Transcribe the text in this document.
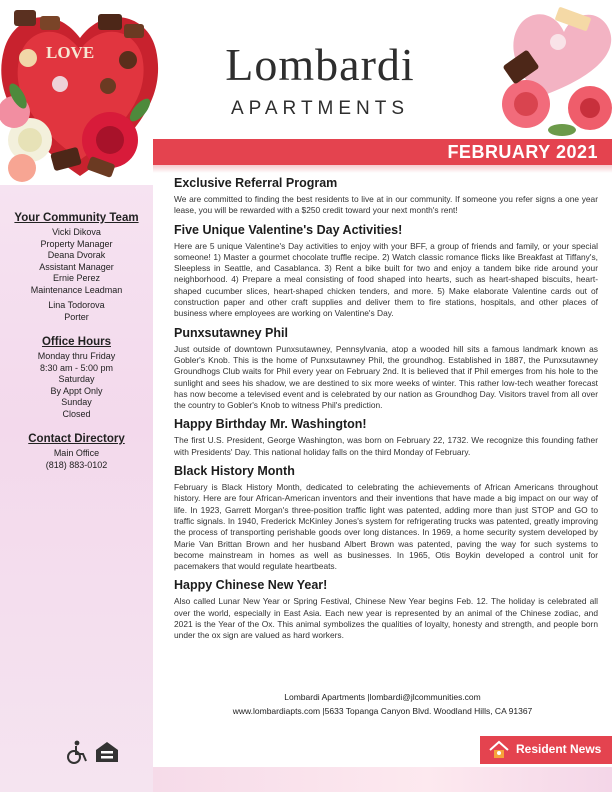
LOVE	Lombardi
APARTMENTS
FEBRUARY 2021
Your Community Team
Vicki Dikova
Property Manager
Deana Dvorak
Assistant Manager
Ernie Perez
Maintenance Leadman
Lina Todorova
Porter
Office Hours
Monday thru Friday
8:30 am - 5:00 pm
Saturday
By Appt Only
Sunday
Closed
Contact Directory
Main Office
(818) 883-0102
Exclusive Referral Program

We are committed to finding the best residents to live at in our community. If someone you refer signs a one year lease, you will be rewarded with a $250 credit toward your next month's rent!

Five Unique Valentine's Day Activities!

Here are 5 unique Valentine's Day activities to enjoy with your BFF, a group of friends and family, or your special someone! 1) Master a gourmet chocolate truffle recipe. 2) Watch classic romance flicks like Breakfast at Tiffany's, Sleepless in Seattle, and Casablanca. 3) Rent a bike built for two and enjoy a tandem bike ride around your neighborhood. 4) Prepare a meal consisting of food shaped into hearts, such as heart-shaped biscuits, heart-shaped cucumber slices, heart-shaped chicken tenders, and more. 5) Make elaborate Valentine cards out of construction paper and other craft supplies and deliver them to fire stations, hospitals, and other places of business where employees are working on Valentine's Day.

Punxsutawney Phil

Just outside of downtown Punxsutawney, Pennsylvania, atop a wooded hill sits a famous landmark known as Gobler's Knob. This is the home of Punxsutawney Phil, the groundhog. Established in 1887, the Punxsutawney Groundhogs Club waits for Phil every year on February 2nd. It is believed that if Phil emerges from his hole to the sunlight and sees his shadow, we are destined to six more weeks of winter. This rather low-tech weather forecast has now become a televised event and is celebrated by our nation as Groundhog Day. Visitors travel from all over the country to Gobler's Knob to witness Phil's prediction.

Happy Birthday Mr. Washington!

The first U.S. President, George Washington, was born on February 22, 1732. We recognize this founding father with Presidents' Day. This national holiday falls on the third Monday of February.

Black History Month

February is Black History Month, dedicated to celebrating the achievements of African Americans throughout history. Here are four African-American inventors and their inventions that have made a big impact on our way of life. In 1923, Garrett Morgan's three-position traffic light was patented, adding more than just STOP and GO to traffic signals. In 1940, Frederick McKinley Jones's system for refrigerating trucks was patented, greatly improving the process of transporting perishable goods over long distances. In 1969, a home security system developed by Marie Van Brittan Brown and her husband Albert Brown was patented, paving the way for such systems to become mainstream in homes as well as businesses. In 1965, Otis Boykin developed a control unit for pacemakers that would regulate heartbeats.

Happy Chinese New Year!

Also called Lunar New Year or Spring Festival, Chinese New Year begins Feb. 12. The holiday is celebrated all over the world, especially in East Asia. Each new year is represented by an animal of the Chinese zodiac, and 2021 is the Year of the Ox. This animal symbolizes the qualities of loyalty, honesty and strength, and people born under the ox sign are valued as hard workers.

Lombardi Apartments |lombardi@jlcommunities.com
www.lombardiapts.com |5633 Topanga Canyon Blvd. Woodland Hills, CA 91367
Resident News
